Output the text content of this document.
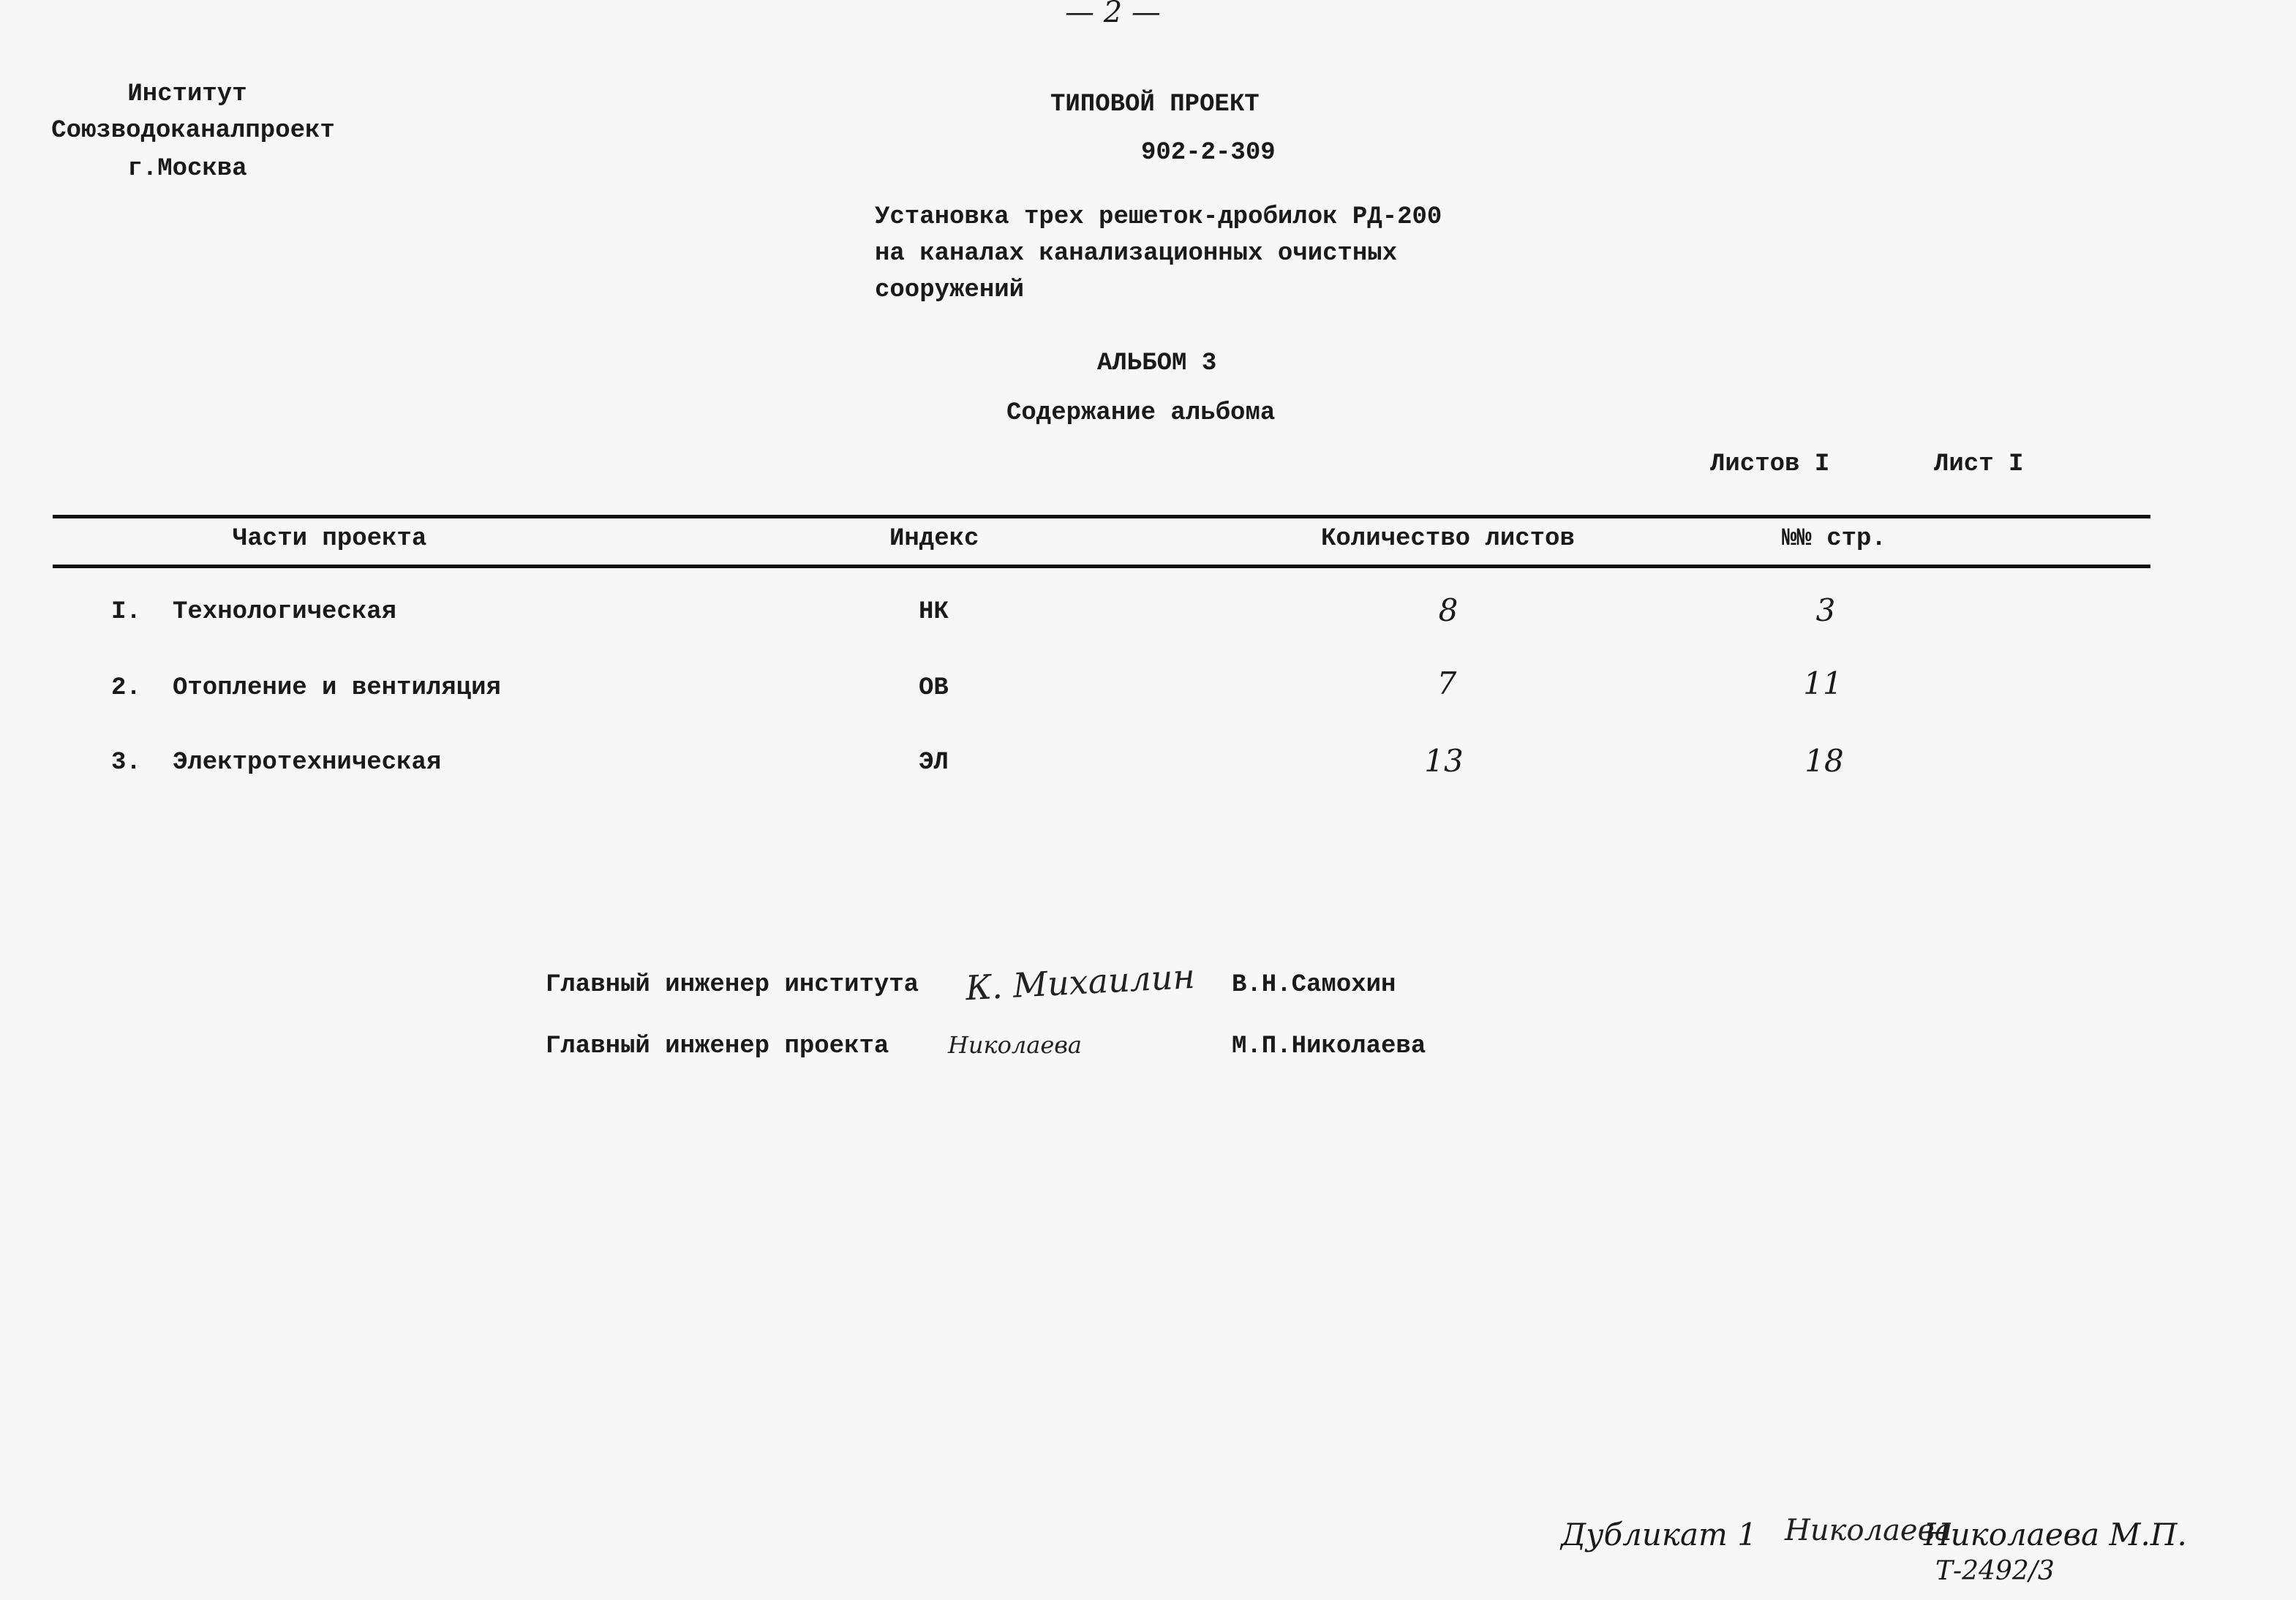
— 2 —
Институт
Союзводоканалпроект
г.Москва
ТИПОВОЙ ПРОЕКТ
902-2-309
Установка трех решеток-дробилок РД-200
на каналах канализационных очистных
сооружений
АЛЬБОМ 3
Содержание альбома
Листов I	Лист I
Части проекта	Индекс	Количество листов	№№ стр.
I. Технологическая	НК	8	3
2. Отопление и вентиляция	ОВ	7	11
3. Электротехническая	ЭЛ	13	18
Главный инженер института К. Михаилин В.Н.Самохин
Главный инженер проекта	Николаева	М.П.Николаева
Дубликат 1 Николаева
Николаева М.П.
Т-2492/3
